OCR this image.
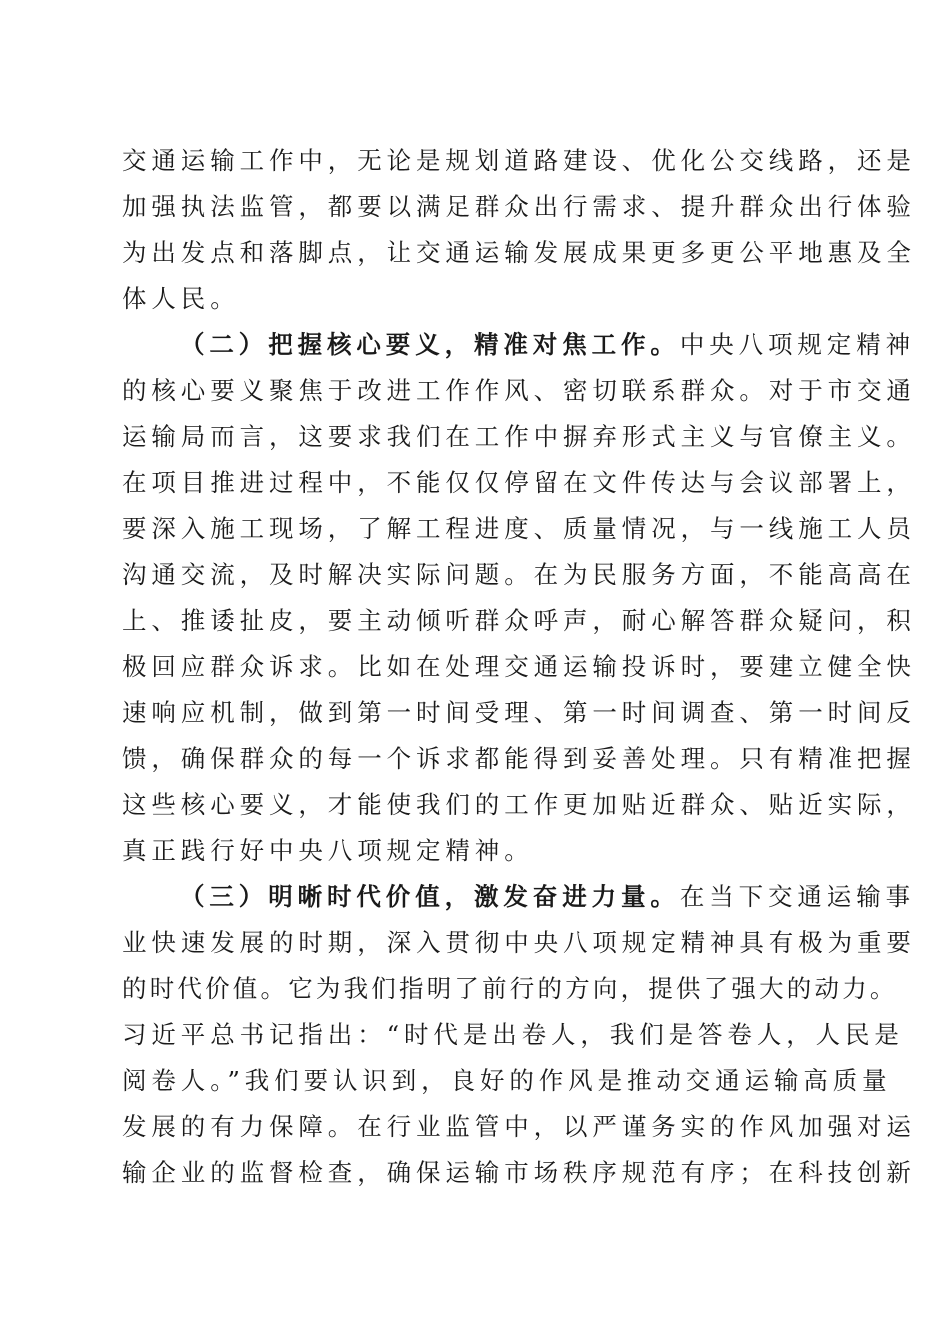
交通运输工作中，无论是规划道路建设、优化公交线路，还是
加强执法监管，都要以满足群众出行需求、提升群众出行体验
为出发点和落脚点，让交通运输发展成果更多更公平地惠及全
体人民。
（二）把握核心要义，精准对焦工作。中央八项规定精神
的核心要义聚焦于改进工作作风、密切联系群众。对于市交通
运输局而言，这要求我们在工作中摒弃形式主义与官僚主义。
在项目推进过程中，不能仅仅停留在文件传达与会议部署上，
要深入施工现场，了解工程进度、质量情况，与一线施工人员
沟通交流，及时解决实际问题。在为民服务方面，不能高高在
上、推诿扯皮，要主动倾听群众呼声，耐心解答群众疑问，积
极回应群众诉求。比如在处理交通运输投诉时，要建立健全快
速响应机制，做到第一时间受理、第一时间调查、第一时间反
馈，确保群众的每一个诉求都能得到妥善处理。只有精准把握
这些核心要义，才能使我们的工作更加贴近群众、贴近实际，
真正践行好中央八项规定精神。
（三）明晰时代价值，激发奋进力量。在当下交通运输事
业快速发展的时期，深入贯彻中央八项规定精神具有极为重要
的时代价值。它为我们指明了前行的方向，提供了强大的动力。
习近平总书记指出：“时代是出卷人，我们是答卷人，人民是
阅卷人。”我们要认识到，良好的作风是推动交通运输高质量
发展的有力保障。在行业监管中，以严谨务实的作风加强对运
输企业的监督检查，确保运输市场秩序规范有序；在科技创新
